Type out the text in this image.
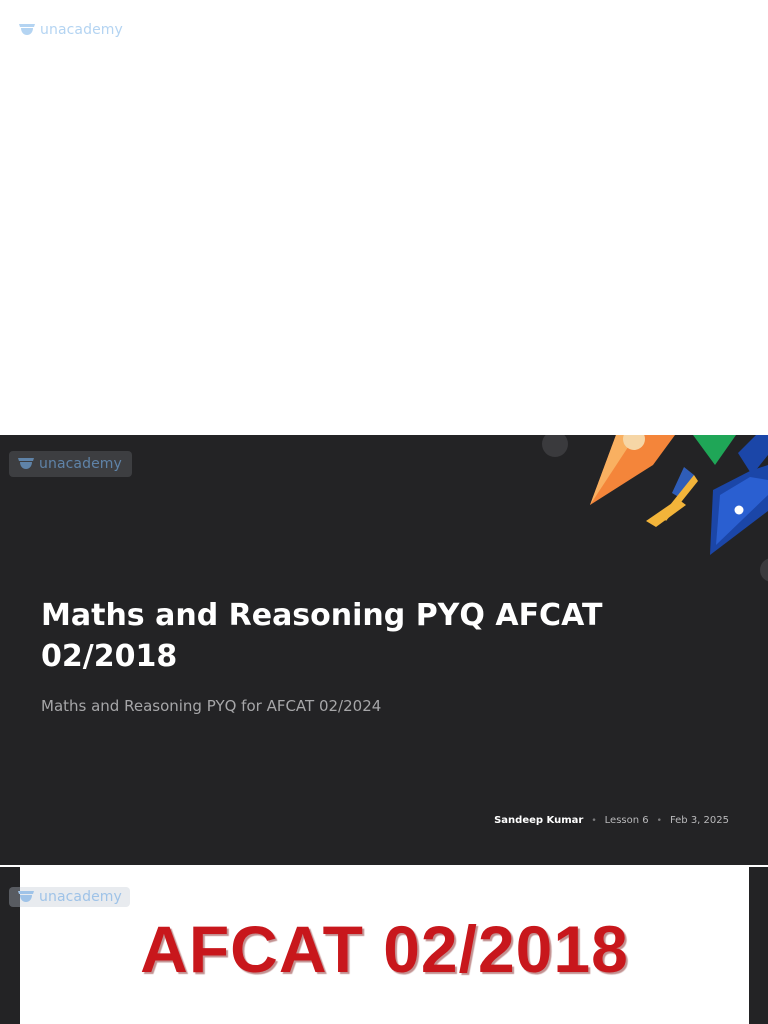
unacademy
unacademy
Maths and Reasoning PYQ AFCAT 02/2018

Maths and Reasoning PYQ for AFCAT 02/2024

Sandeep Kumar • Lesson 6 • Feb 3, 2025
AFCAT 02/2018
unacademy
